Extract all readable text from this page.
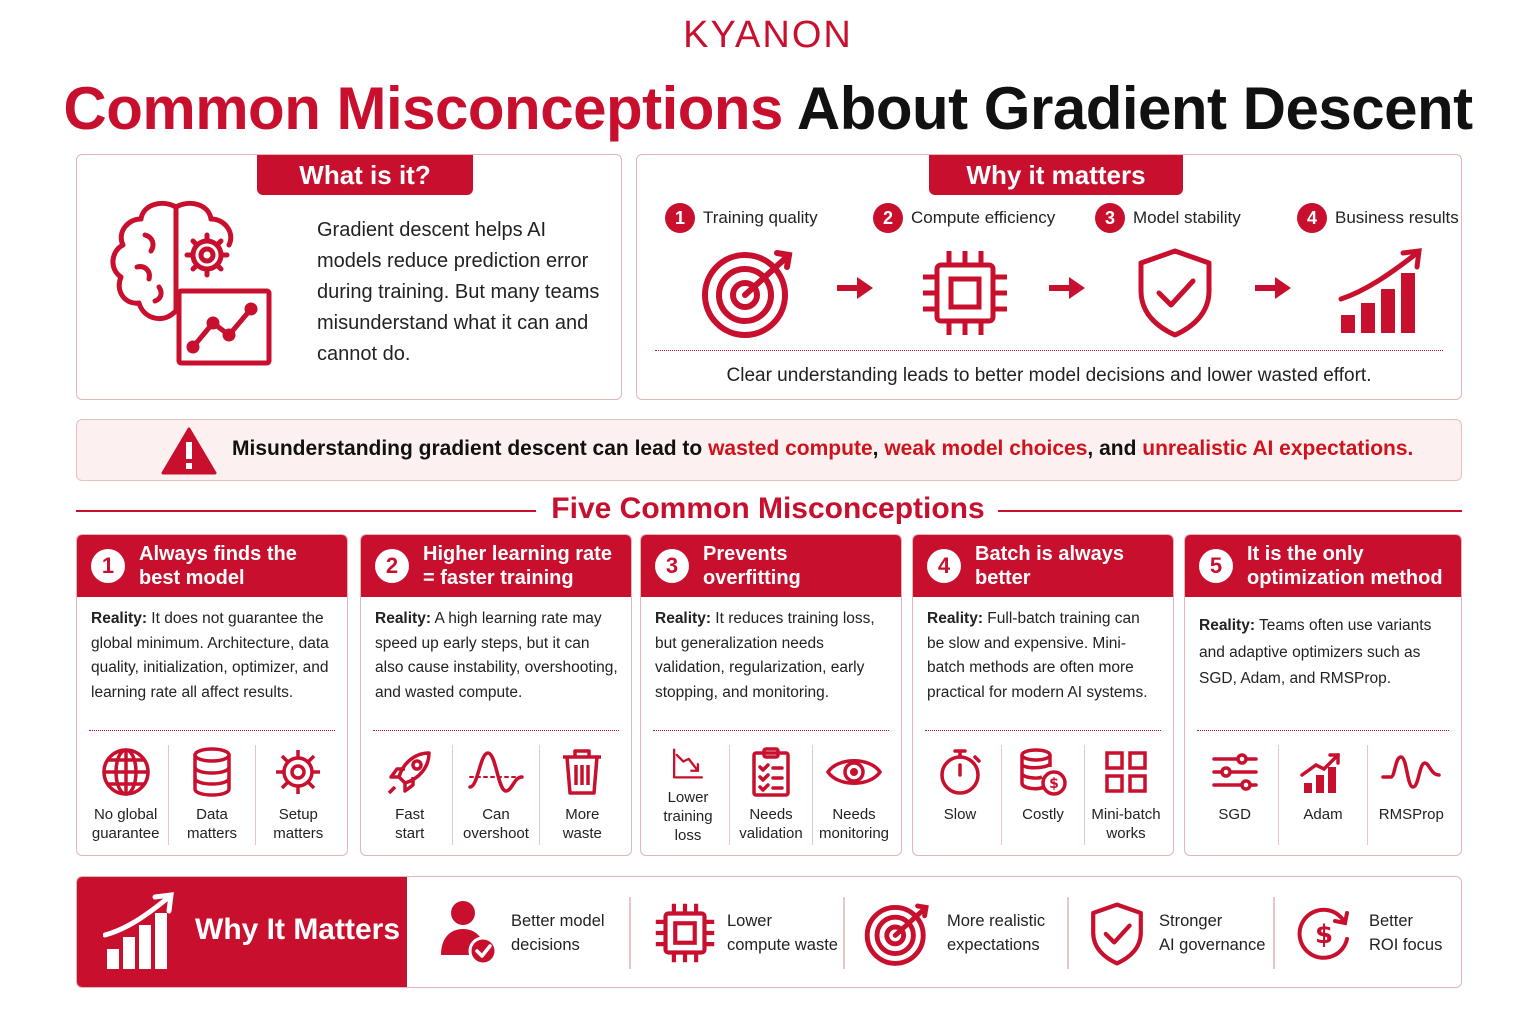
KYANON
Common Misconceptions About Gradient Descent
What is it?
Gradient descent helps AI models reduce prediction error during training. But many teams misunderstand what it can and cannot do.
Why it matters
1	Training quality	2	Compute efficiency	3	Model stability	4	Business results
Clear understanding leads to better model decisions and lower wasted effort.
Misunderstanding gradient descent can lead to wasted compute, weak model choices, and unrealistic AI expectations.
Five Common Misconceptions
1	Always finds the best model
Reality: It does not guarantee the global minimum. Architecture, data quality, initialization, optimizer, and learning rate all affect results.
No global guarantee
Data matters
Setup matters
2	Higher learning rate = faster training
Reality: A high learning rate may speed up early steps, but it can also cause instability, overshooting, and wasted compute.
Fast start
Can overshoot
More waste
3	Prevents overfitting
Reality: It reduces training loss, but generalization needs validation, regularization, early stopping, and monitoring.
Lower training loss
Needs validation
Needs monitoring
4	Batch is always better
Reality: Full-batch training can be slow and expensive. Mini-batch methods are often more practical for modern AI systems.
Slow
$
Costly Mini-batch works
5	It is the only optimization method
Reality: Teams often use variants and adaptive optimizers such as SGD, Adam, and RMSProp.
SGD	Adam RMSProp
Why It Matters	Better model
decisions
Lower
compute waste
More realistic
expectations
Stronger
AI governance $ Better
ROI focus
